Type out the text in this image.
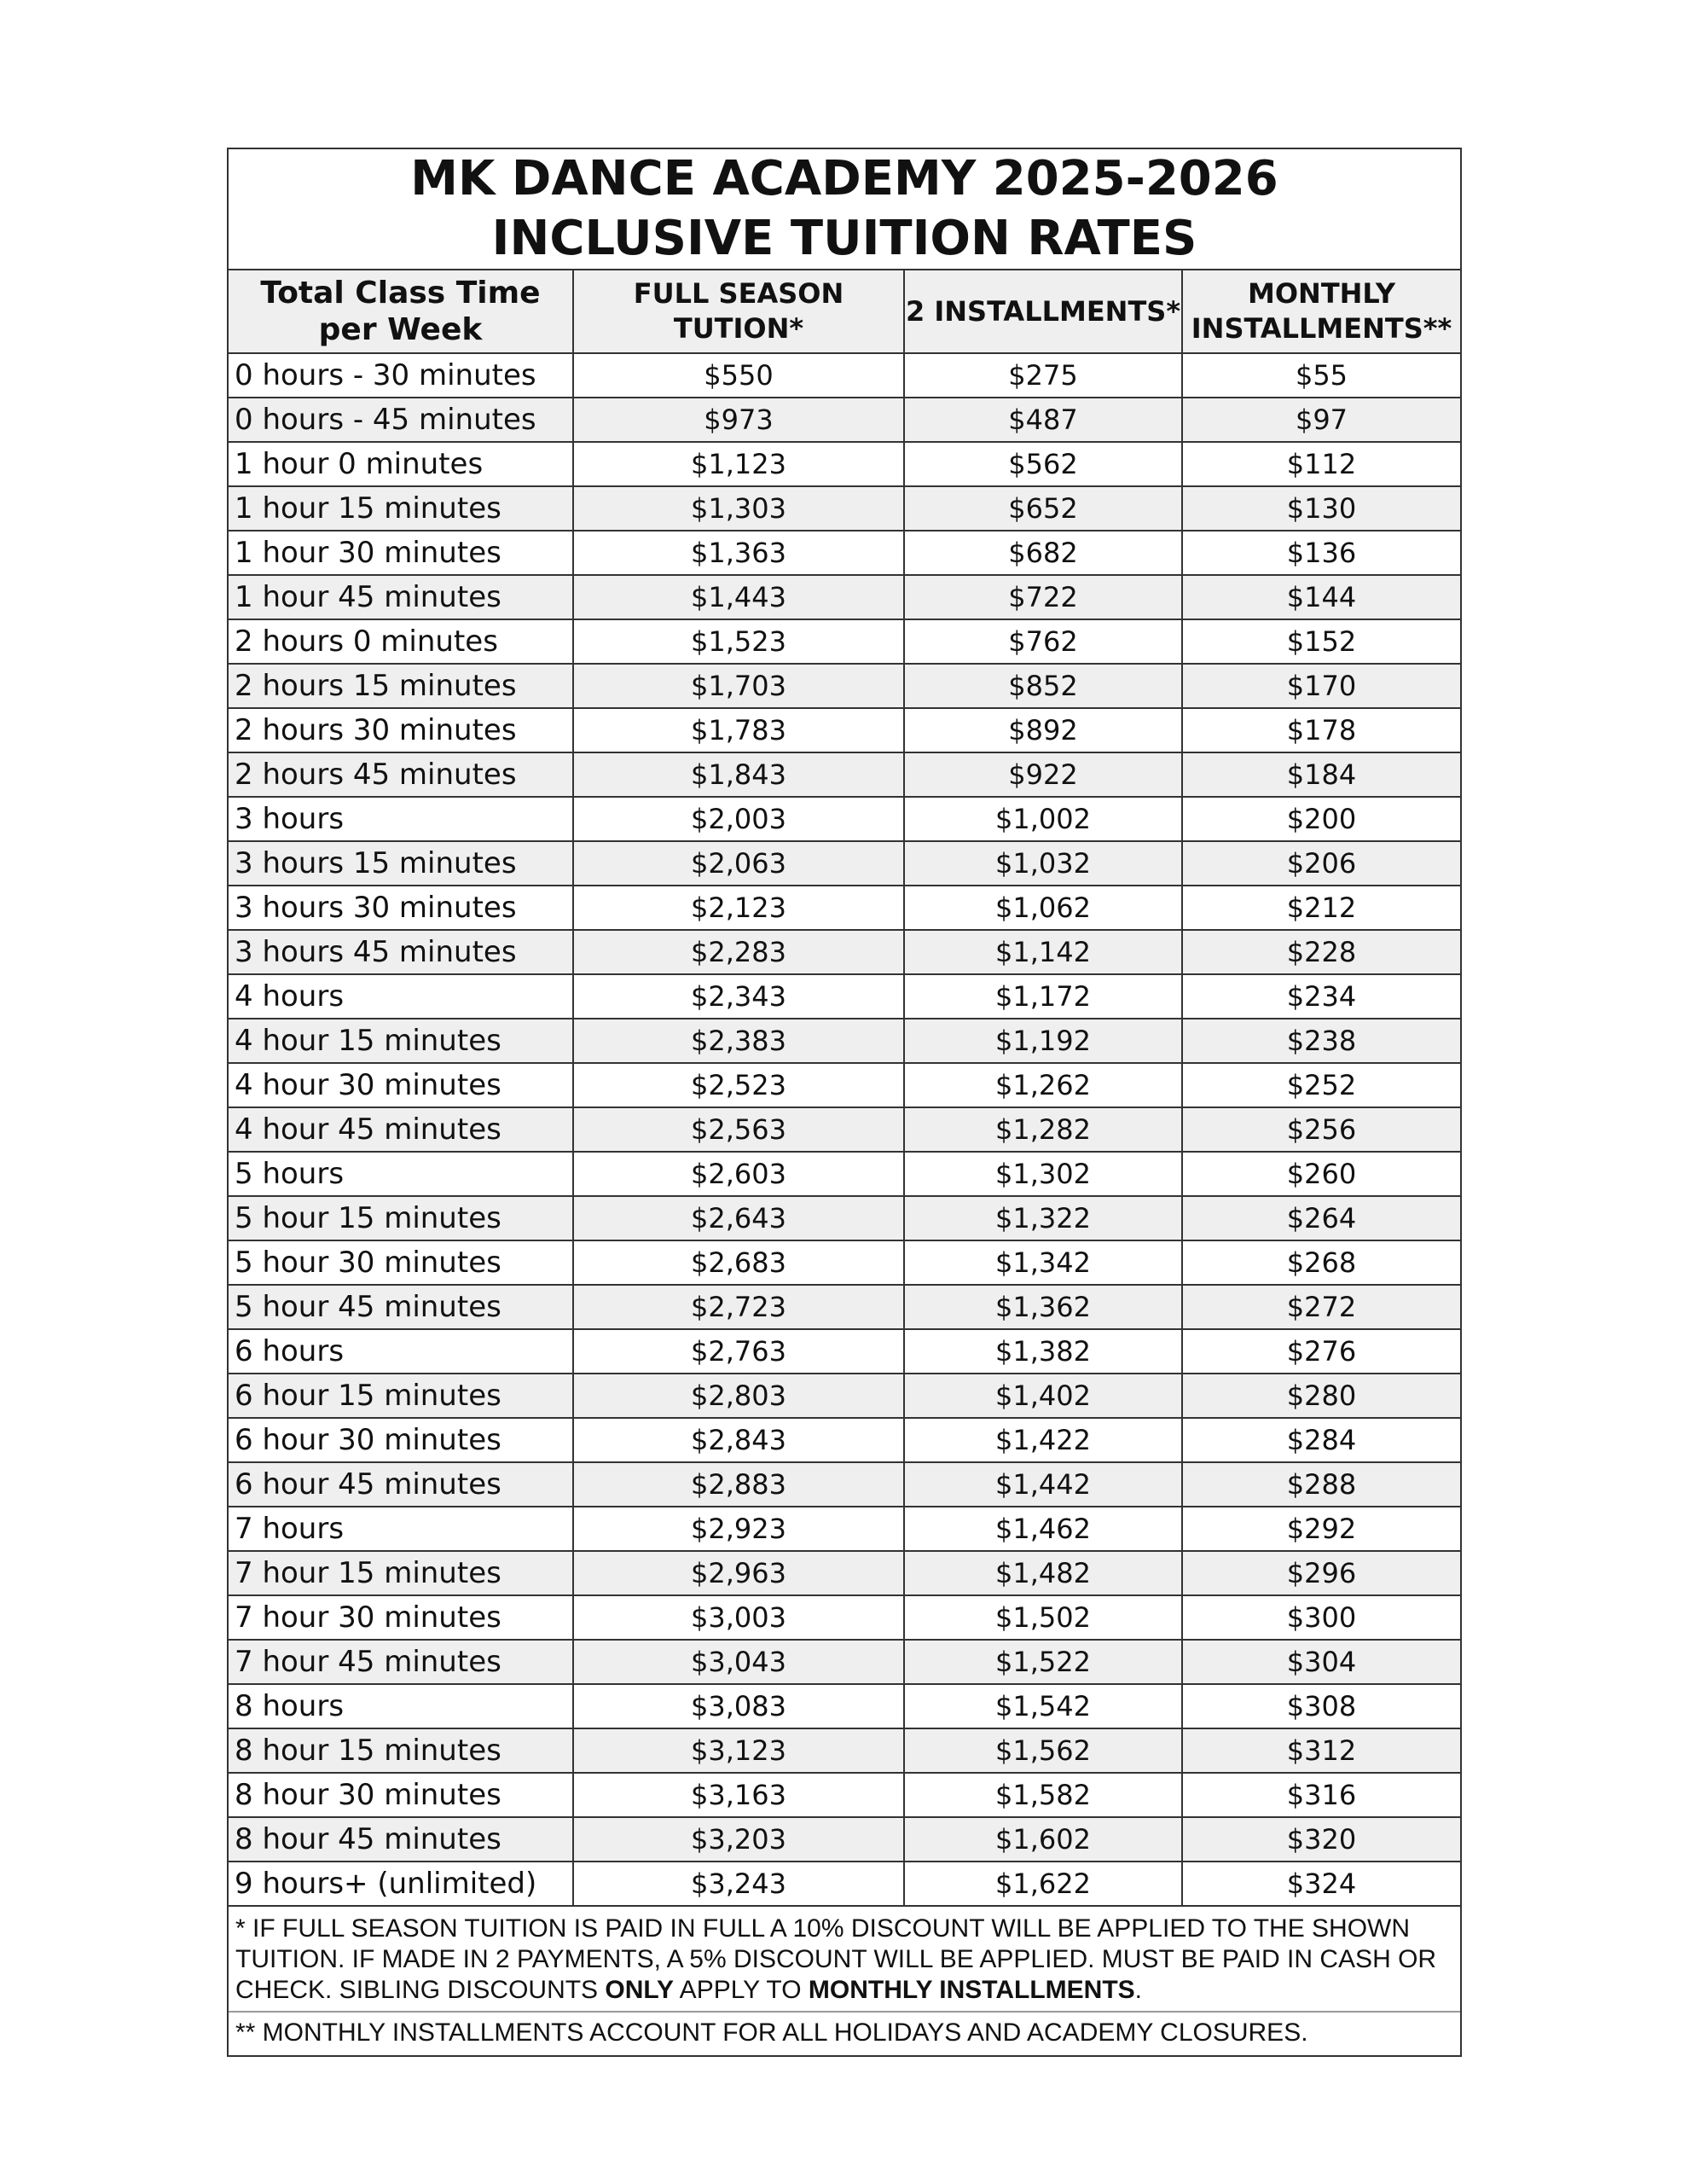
MK DANCE ACADEMY 2025-2026
INCLUSIVE TUITION RATES
Total Class Time per Week	FULL SEASON TUTION*	2 INSTALLMENTS*	MONTHLY INSTALLMENTS**
0 hours - 30 minutes	$550	$275	$55
0 hours - 45 minutes	$973	$487	$97
1 hour 0 minutes	$1,123	$562	$112
1 hour 15 minutes	$1,303	$652	$130
1 hour 30 minutes	$1,363	$682	$136
1 hour 45 minutes	$1,443	$722	$144
2 hours 0 minutes	$1,523	$762	$152
2 hours 15 minutes	$1,703	$852	$170
2 hours 30 minutes	$1,783	$892	$178
2 hours 45 minutes	$1,843	$922	$184
3 hours	$2,003	$1,002	$200
3 hours 15 minutes	$2,063	$1,032	$206
3 hours 30 minutes	$2,123	$1,062	$212
3 hours 45 minutes	$2,283	$1,142	$228
4 hours	$2,343	$1,172	$234
4 hour 15 minutes	$2,383	$1,192	$238
4 hour 30 minutes	$2,523	$1,262	$252
4 hour 45 minutes	$2,563	$1,282	$256
5 hours	$2,603	$1,302	$260
5 hour 15 minutes	$2,643	$1,322	$264
5 hour 30 minutes	$2,683	$1,342	$268
5 hour 45 minutes	$2,723	$1,362	$272
6 hours	$2,763	$1,382	$276
6 hour 15 minutes	$2,803	$1,402	$280
6 hour 30 minutes	$2,843	$1,422	$284
6 hour 45 minutes	$2,883	$1,442	$288
7 hours	$2,923	$1,462	$292
7 hour 15 minutes	$2,963	$1,482	$296
7 hour 30 minutes	$3,003	$1,502	$300
7 hour 45 minutes	$3,043	$1,522	$304
8 hours	$3,083	$1,542	$308
8 hour 15 minutes	$3,123	$1,562	$312
8 hour 30 minutes	$3,163	$1,582	$316
8 hour 45 minutes	$3,203	$1,602	$320
9 hours+ (unlimited)	$3,243	$1,622	$324
* IF FULL SEASON TUITION IS PAID IN FULL A 10% DISCOUNT WILL BE APPLIED TO THE SHOWN TUITION. IF MADE IN 2 PAYMENTS, A 5% DISCOUNT WILL BE APPLIED. MUST BE PAID IN CASH OR CHECK. SIBLING DISCOUNTS ONLY APPLY TO MONTHLY INSTALLMENTS.
** MONTHLY INSTALLMENTS ACCOUNT FOR ALL HOLIDAYS AND ACADEMY CLOSURES.
